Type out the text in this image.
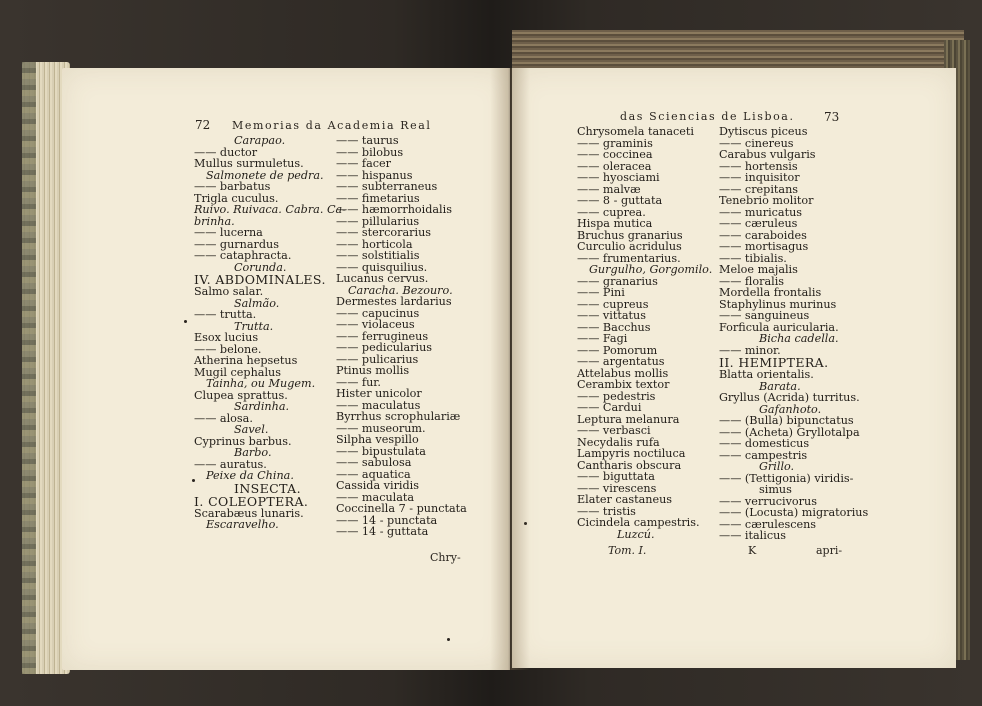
72 Memorias da Academia Real
Carapao.
—— ductor
Mullus surmuletus.
Salmonete de pedra.
—— barbatus
Trigla cuculus.
Ruivo. Ruivaca. Cabra. Ca-
brinha.
—— lucerna
—— gurnardus
—— cataphracta.
Corunda.
IV. ABDOMINALES.
Salmo salar.
Salmão.
—— trutta.
Trutta.
Esox lucius
—— belone.
Atherina hepsetus
Mugil cephalus
Tainha, ou Mugem.
Clupea sprattus.
Sardinha.
—— alosa.
Savel.
Cyprinus barbus.
Barbo.
—— auratus.
Peixe da China.
INSECTA.
I. COLEOPTERA.
Scarabæus lunaris.
Escaravelho.
—— taurus
—— bilobus
—— facer
—— hispanus
—— subterraneus
—— fimetarius
—— hæmorrhoidalis
—— pillularius
—— stercorarius
—— horticola
—— solstitialis
—— quisquilius.
Lucanus cervus.
Caracha. Bezouro.
Dermestes lardarius
—— capucinus
—— violaceus
—— ferrugineus
—— pedicularius
—— pulicarius
Ptinus mollis
—— fur.
Hister unicolor
—— maculatus
Byrrhus scrophulariæ
—— museorum.
Silpha vespillo
—— bipustulata
—— sabulosa
—— aquatica
Cassida viridis
—— maculata
Coccinella 7 - punctata
—— 14 - punctata
—— 14 - guttata
Chry-
das Sciencias de Lisboa. 73
Chrysomela tanaceti
—— graminis
—— coccinea
—— oleracea
—— hyosciami
—— malvæ
—— 8 - guttata
—— cuprea.
Hispa mutica
Bruchus granarius
Curculio acridulus
—— frumentarius.
Gurgulho, Gorgomilo.
—— granarius
—— Pini
—— cupreus
—— vittatus
—— Bacchus
—— Fagi
—— Pomorum
—— argentatus
Attelabus mollis
Cerambix textor
—— pedestris
—— Cardui
Leptura melanura
—— verbasci
Necydalis rufa
Lampyris noctiluca
Cantharis obscura
—— biguttata
—— virescens
Elater castaneus
—— tristis
Cicindela campestris.
Luzcú.
Dytiscus piceus
—— cinereus
Carabus vulgaris
—— hortensis
—— inquisitor
—— crepitans
Tenebrio molitor
—— muricatus
—— cæruleus
—— caraboides
—— mortisagus
—— tibialis.
Meloe majalis
—— floralis
Mordella frontalis
Staphylinus murinus
—— sanguineus
Forficula auricularia.
Bicha cadella.
—— minor.
II. HEMIPTERA.
Blatta orientalis.
Barata.
Gryllus (Acrida) turritus.
Gafanhoto.
—— (Bulla) bipunctatus
—— (Acheta) Gryllotalpa
—— domesticus
—— campestris
Grillo.
—— (Tettigonia) viridis-
simus
—— verrucivorus
—— (Locusta) migratorius
—— cærulescens
—— italicus
Tom. I.	K	apri-
